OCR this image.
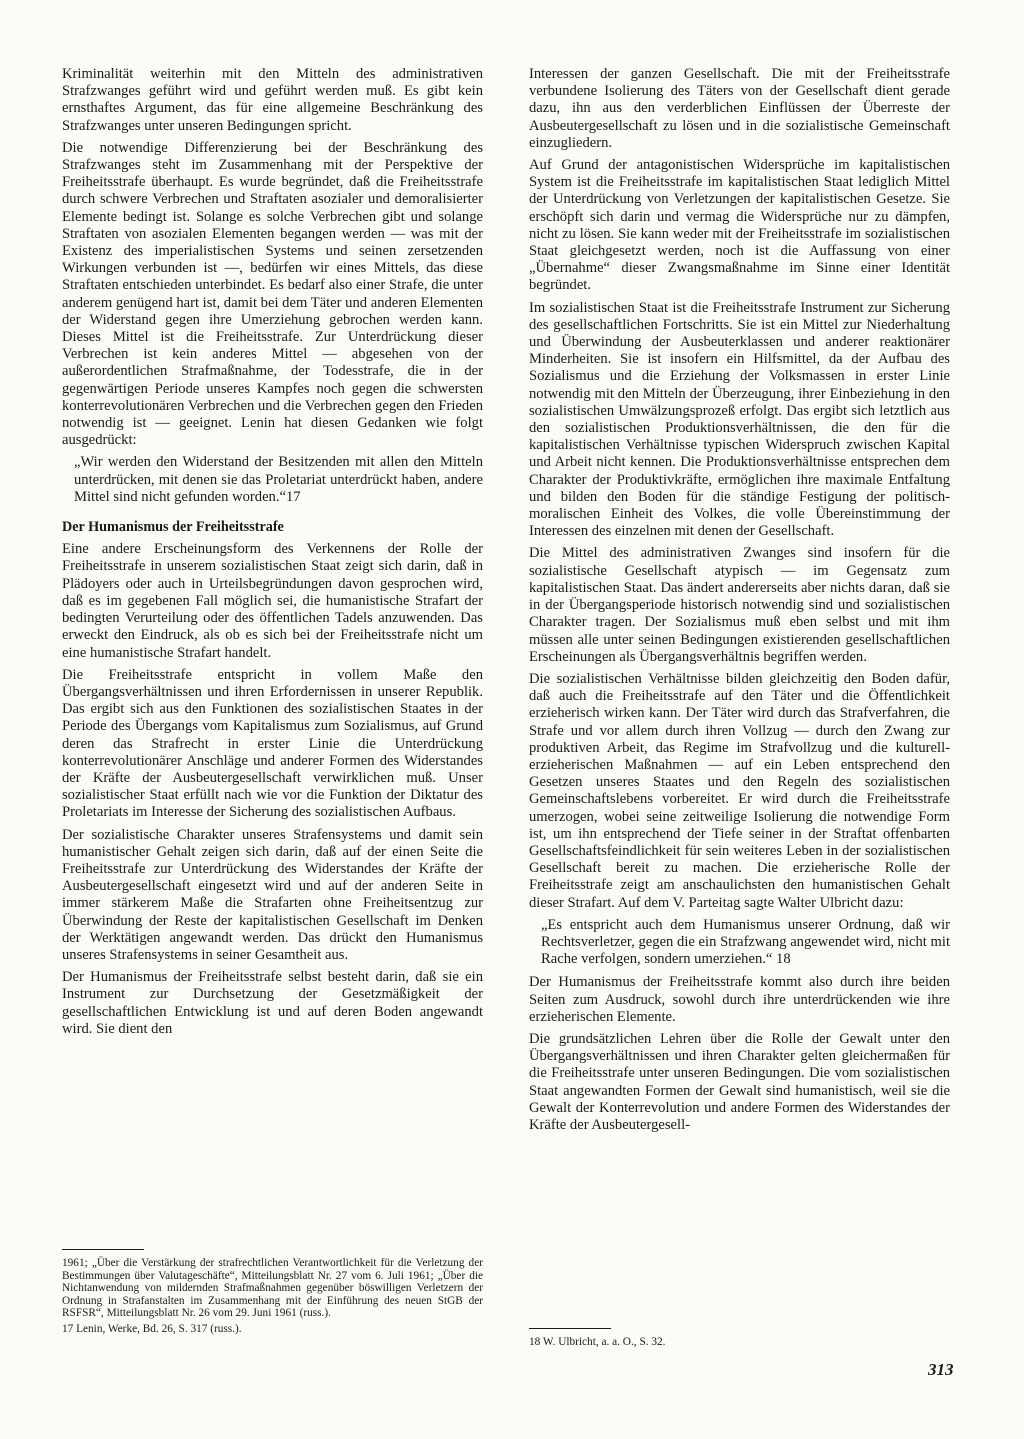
Kriminalität weiterhin mit den Mitteln des administrativen Strafzwanges geführt wird und geführt werden muß. Es gibt kein ernsthaftes Argument, das für eine allgemeine Beschränkung des Strafzwanges unter unseren Bedingungen spricht.

Die notwendige Differenzierung bei der Beschränkung des Strafzwanges steht im Zusammenhang mit der Perspektive der Freiheitsstrafe überhaupt. Es wurde begründet, daß die Freiheitsstrafe durch schwere Verbrechen und Straftaten asozialer und demoralisierter Elemente bedingt ist. Solange es solche Verbrechen gibt und solange Straftaten von asozialen Elementen begangen werden — was mit der Existenz des imperialistischen Systems und seinen zersetzenden Wirkungen verbunden ist —, bedürfen wir eines Mittels, das diese Straftaten entschieden unterbindet. Es bedarf also einer Strafe, die unter anderem genügend hart ist, damit bei dem Täter und anderen Elementen der Widerstand gegen ihre Umerziehung gebrochen werden kann. Dieses Mittel ist die Freiheitsstrafe. Zur Unterdrückung dieser Verbrechen ist kein anderes Mittel — abgesehen von der außerordentlichen Strafmaßnahme, der Todesstrafe, die in der gegenwärtigen Periode unseres Kampfes noch gegen die schwersten konterrevolutionären Verbrechen und die Verbrechen gegen den Frieden notwendig ist — geeignet. Lenin hat diesen Gedanken wie folgt ausgedrückt:

„Wir werden den Widerstand der Besitzenden mit allen den Mitteln unterdrücken, mit denen sie das Proletariat unterdrückt haben, andere Mittel sind nicht gefunden worden.“17

Der Humanismus der Freiheitsstrafe

Eine andere Erscheinungsform des Verkennens der Rolle der Freiheitsstrafe in unserem sozialistischen Staat zeigt sich darin, daß in Plädoyers oder auch in Urteilsbegründungen davon gesprochen wird, daß es im gegebenen Fall möglich sei, die humanistische Strafart der bedingten Verurteilung oder des öffentlichen Tadels anzuwenden. Das erweckt den Eindruck, als ob es sich bei der Freiheitsstrafe nicht um eine humanistische Strafart handelt.

Die Freiheitsstrafe entspricht in vollem Maße den Übergangsverhältnissen und ihren Erfordernissen in unserer Republik. Das ergibt sich aus den Funktionen des sozialistischen Staates in der Periode des Übergangs vom Kapitalismus zum Sozialismus, auf Grund deren das Strafrecht in erster Linie die Unterdrückung konterrevolutionärer Anschläge und anderer Formen des Widerstandes der Kräfte der Ausbeutergesellschaft verwirklichen muß. Unser sozialistischer Staat erfüllt nach wie vor die Funktion der Diktatur des Proletariats im Interesse der Sicherung des sozialistischen Aufbaus.

Der sozialistische Charakter unseres Strafensystems und damit sein humanistischer Gehalt zeigen sich darin, daß auf der einen Seite die Freiheitsstrafe zur Unterdrückung des Widerstandes der Kräfte der Ausbeutergesellschaft eingesetzt wird und auf der anderen Seite in immer stärkerem Maße die Strafarten ohne Freiheitsentzug zur Überwindung der Reste der kapitalistischen Gesellschaft im Denken der Werktätigen angewandt werden. Das drückt den Humanismus unseres Strafensystems in seiner Gesamtheit aus.

Der Humanismus der Freiheitsstrafe selbst besteht darin, daß sie ein Instrument zur Durchsetzung der Gesetzmäßigkeit der gesellschaftlichen Entwicklung ist und auf deren Boden angewandt wird. Sie dient den

1961; „Über die Verstärkung der strafrechtlichen Verantwortlichkeit für die Verletzung der Bestimmungen über Valutageschäfte“, Mitteilungsblatt Nr. 27 vom 6. Juli 1961; „Über die Nichtanwendung von mildernden Strafmaßnahmen gegenüber böswilligen Verletzern der Ordnung in Strafanstalten im Zusammenhang mit der Einführung des neuen StGB der RSFSR“, Mitteilungsblatt Nr. 26 vom 29. Juni 1961 (russ.).

17 Lenin, Werke, Bd. 26, S. 317 (russ.).

Interessen der ganzen Gesellschaft. Die mit der Freiheitsstrafe verbundene Isolierung des Täters von der Gesellschaft dient gerade dazu, ihn aus den verderblichen Einflüssen der Überreste der Ausbeutergesellschaft zu lösen und in die sozialistische Gemeinschaft einzugliedern.

Auf Grund der antagonistischen Widersprüche im kapitalistischen System ist die Freiheitsstrafe im kapitalistischen Staat lediglich Mittel der Unterdrückung von Verletzungen der kapitalistischen Gesetze. Sie erschöpft sich darin und vermag die Widersprüche nur zu dämpfen, nicht zu lösen. Sie kann weder mit der Freiheitsstrafe im sozialistischen Staat gleichgesetzt werden, noch ist die Auffassung von einer „Übernahme“ dieser Zwangsmaßnahme im Sinne einer Identität begründet.

Im sozialistischen Staat ist die Freiheitsstrafe Instrument zur Sicherung des gesellschaftlichen Fortschritts. Sie ist ein Mittel zur Niederhaltung und Überwindung der Ausbeuterklassen und anderer reaktionärer Minderheiten. Sie ist insofern ein Hilfsmittel, da der Aufbau des Sozialismus und die Erziehung der Volksmassen in erster Linie notwendig mit den Mitteln der Überzeugung, ihrer Einbeziehung in den sozialistischen Umwälzungsprozeß erfolgt. Das ergibt sich letztlich aus den sozialistischen Produktionsverhältnissen, die den für die kapitalistischen Verhältnisse typischen Widerspruch zwischen Kapital und Arbeit nicht kennen. Die Produktionsverhältnisse entsprechen dem Charakter der Produktivkräfte, ermöglichen ihre maximale Entfaltung und bilden den Boden für die ständige Festigung der politisch-moralischen Einheit des Volkes, die volle Übereinstimmung der Interessen des einzelnen mit denen der Gesellschaft.

Die Mittel des administrativen Zwanges sind insofern für die sozialistische Gesellschaft atypisch — im Gegensatz zum kapitalistischen Staat. Das ändert andererseits aber nichts daran, daß sie in der Übergangsperiode historisch notwendig sind und sozialistischen Charakter tragen. Der Sozialismus muß eben selbst und mit ihm müssen alle unter seinen Bedingungen existierenden gesellschaftlichen Erscheinungen als Übergangsverhältnis begriffen werden.

Die sozialistischen Verhältnisse bilden gleichzeitig den Boden dafür, daß auch die Freiheitsstrafe auf den Täter und die Öffentlichkeit erzieherisch wirken kann. Der Täter wird durch das Strafverfahren, die Strafe und vor allem durch ihren Vollzug — durch den Zwang zur produktiven Arbeit, das Regime im Strafvollzug und die kulturell-erzieherischen Maßnahmen — auf ein Leben entsprechend den Gesetzen unseres Staates und den Regeln des sozialistischen Gemeinschaftslebens vorbereitet. Er wird durch die Freiheitsstrafe umerzogen, wobei seine zeitweilige Isolierung die notwendige Form ist, um ihn entsprechend der Tiefe seiner in der Straftat offenbarten Gesellschaftsfeindlichkeit für sein weiteres Leben in der sozialistischen Gesellschaft bereit zu machen. Die erzieherische Rolle der Freiheitsstrafe zeigt am anschaulichsten den humanistischen Gehalt dieser Strafart. Auf dem V. Parteitag sagte Walter Ulbricht dazu:

„Es entspricht auch dem Humanismus unserer Ordnung, daß wir Rechtsverletzer, gegen die ein Strafzwang angewendet wird, nicht mit Rache verfolgen, sondern umerziehen.“ 18

Der Humanismus der Freiheitsstrafe kommt also durch ihre beiden Seiten zum Ausdruck, sowohl durch ihre unterdrückenden wie ihre erzieherischen Elemente.

Die grundsätzlichen Lehren über die Rolle der Gewalt unter den Übergangsverhältnissen und ihren Charakter gelten gleichermaßen für die Freiheitsstrafe unter unseren Bedingungen. Die vom sozialistischen Staat angewandten Formen der Gewalt sind humanistisch, weil sie die Gewalt der Konterrevolution und andere Formen des Widerstandes der Kräfte der Ausbeutergesell-

18 W. Ulbricht, a. a. O., S. 32.

313
